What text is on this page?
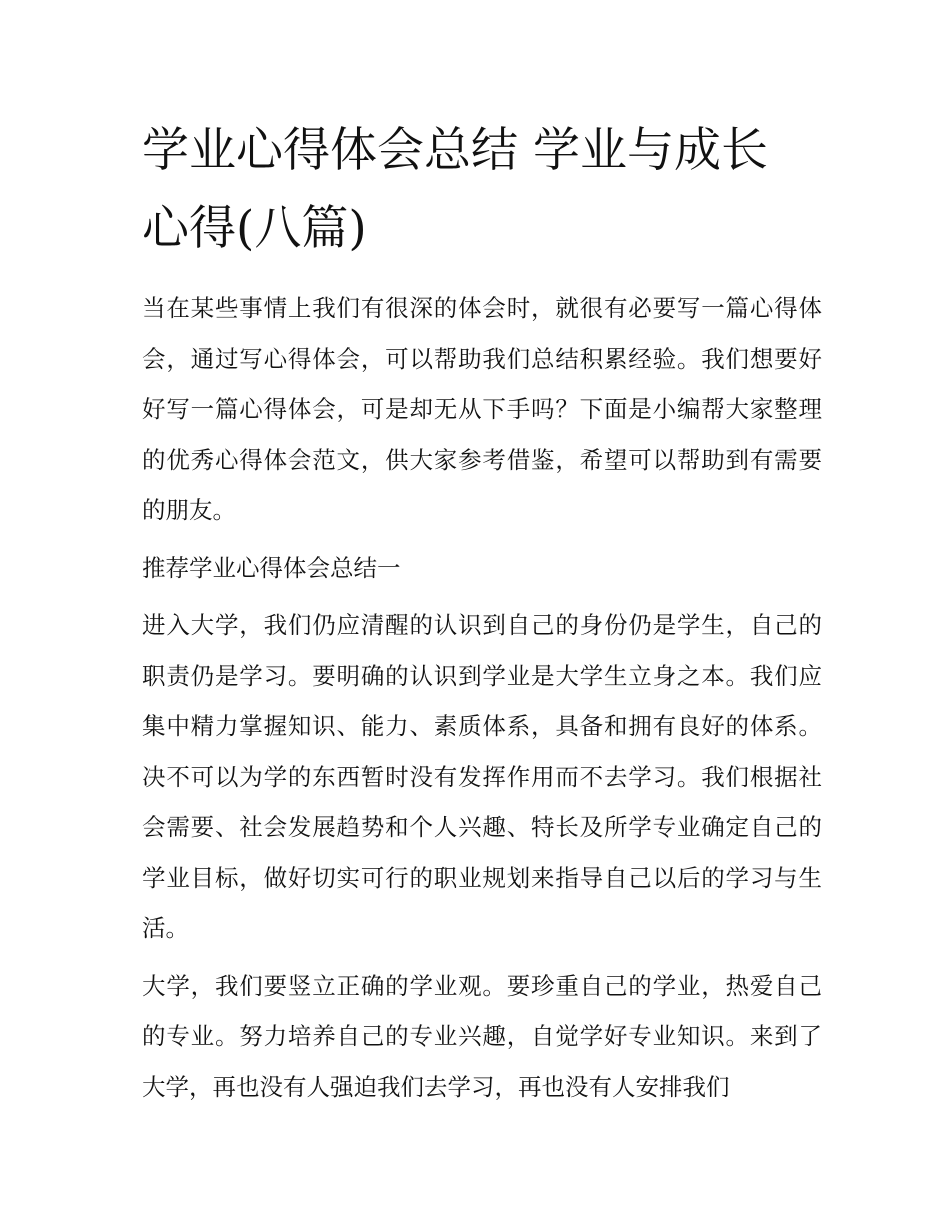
学业心得体会总结 学业与成长
心得(八篇)

当在某些事情上我们有很深的体会时，就很有必要写一篇心得体会，通过写心得体会，可以帮助我们总结积累经验。我们想要好好写一篇心得体会，可是却无从下手吗？下面是小编帮大家整理的优秀心得体会范文，供大家参考借鉴，希望可以帮助到有需要的朋友。

推荐学业心得体会总结一

进入大学，我们仍应清醒的认识到自己的身份仍是学生，自己的职责仍是学习。要明确的认识到学业是大学生立身之本。我们应集中精力掌握知识、能力、素质体系，具备和拥有良好的体系。决不可以为学的东西暂时没有发挥作用而不去学习。我们根据社会需要、社会发展趋势和个人兴趣、特长及所学专业确定自己的学业目标，做好切实可行的职业规划来指导自己以后的学习与生活。

大学，我们要竖立正确的学业观。要珍重自己的学业，热爱自己的专业。努力培养自己的专业兴趣，自觉学好专业知识。来到了大学，再也没有人强迫我们去学习，再也没有人安排我们
